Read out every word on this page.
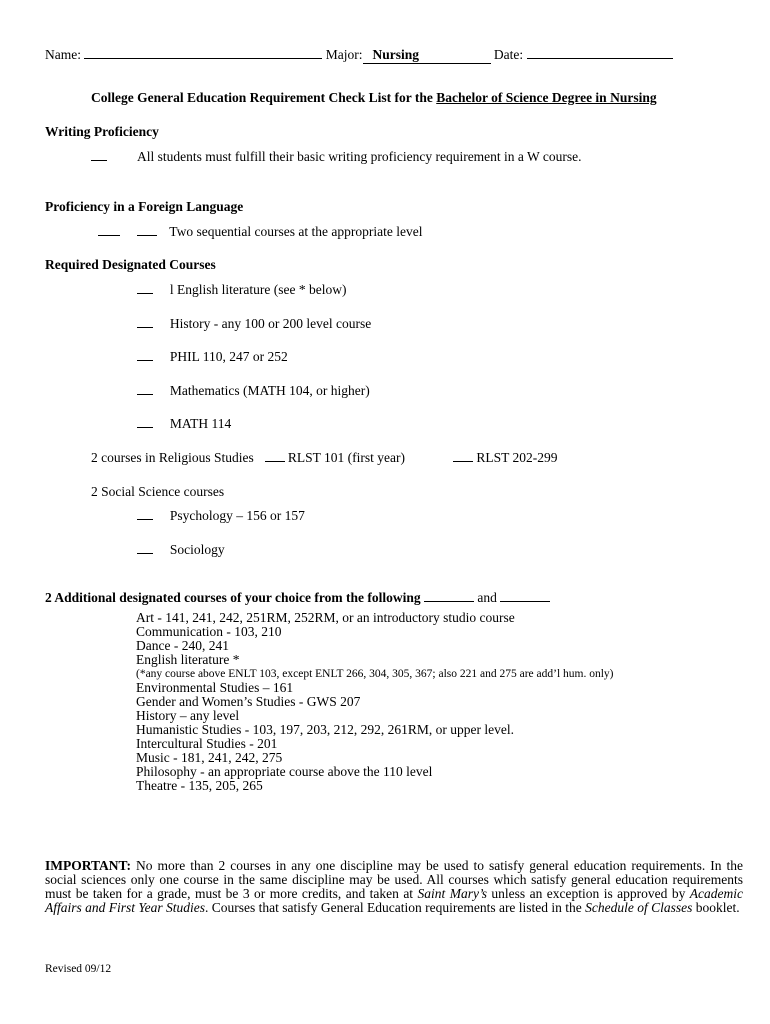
Name:	Major: Nursing	Date:
College General Education Requirement Check List for the Bachelor of Science Degree in Nursing
Writing Proficiency
All students must fulfill their basic writing proficiency requirement in a W course.
Proficiency in a Foreign Language
Two sequential courses at the appropriate level
Required Designated Courses
l English literature (see * below)
History - any 100 or 200 level course
PHIL 110, 247 or 252
Mathematics (MATH 104, or higher)
MATH 114
2 courses in Religious Studies	RLST 101 (first year)	RLST 202-299
2 Social Science courses
Psychology – 156 or 157
Sociology
2 Additional designated courses of your choice from the following	and
Art - 141, 241, 242, 251RM, 252RM, or an introductory studio course
Communication - 103, 210
Dance - 240, 241
English literature *
(*any course above ENLT 103, except ENLT 266, 304, 305, 367; also 221 and 275 are add’l hum. only)
Environmental Studies – 161
Gender and Women’s Studies - GWS 207
History – any level
Humanistic Studies - 103, 197, 203, 212, 292, 261RM, or upper level.
Intercultural Studies - 201
Music - 181, 241, 242, 275
Philosophy - an appropriate course above the 110 level
Theatre - 135, 205, 265
IMPORTANT: No more than 2 courses in any one discipline may be used to satisfy general education requirements. In the social sciences only one course in the same discipline may be used. All courses which satisfy general education requirements must be taken for a grade, must be 3 or more credits, and taken at Saint Mary’s unless an exception is approved by Academic Affairs and First Year Studies. Courses that satisfy General Education requirements are listed in the Schedule of Classes booklet.
Revised 09/12
